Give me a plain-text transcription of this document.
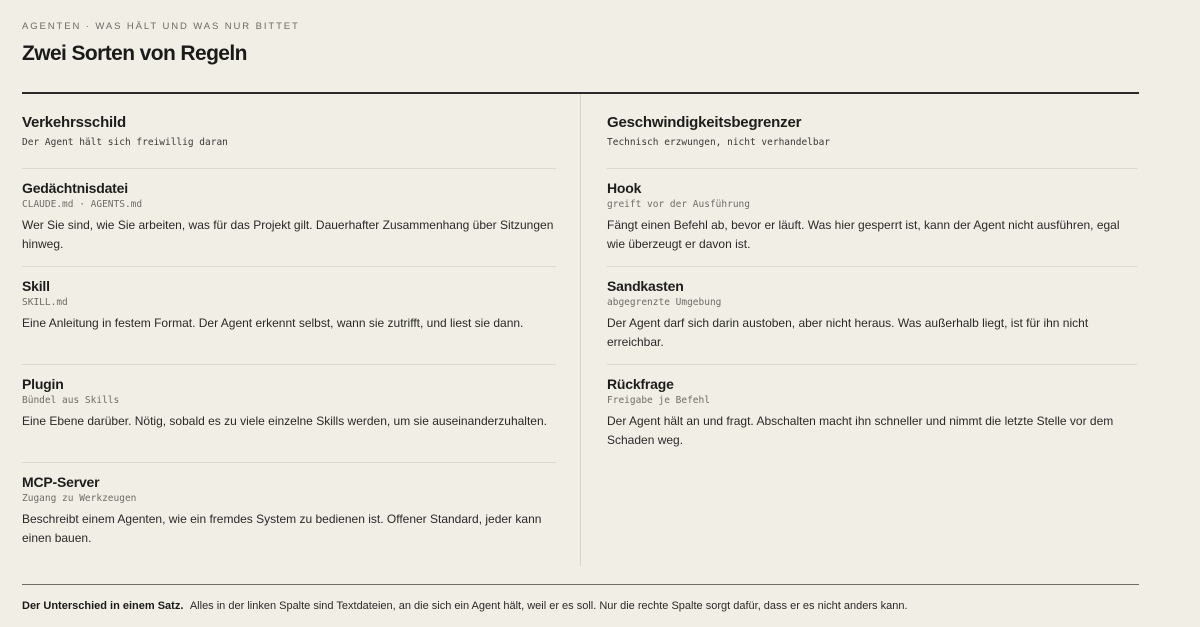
AGENTEN · WAS HÄLT UND WAS NUR BITTET
Zwei Sorten von Regeln
Verkehrsschild
Der Agent hält sich freiwillig daran
Gedächtnisdatei
CLAUDE.md · AGENTS.md
Wer Sie sind, wie Sie arbeiten, was für das Projekt gilt. Dauerhafter Zusammenhang über Sitzungen hinweg.
Skill
SKILL.md
Eine Anleitung in festem Format. Der Agent erkennt selbst, wann sie zutrifft, und liest sie dann.
Plugin
Bündel aus Skills
Eine Ebene darüber. Nötig, sobald es zu viele einzelne Skills werden, um sie auseinanderzuhalten.
MCP-Server
Zugang zu Werkzeugen
Beschreibt einem Agenten, wie ein fremdes System zu bedienen ist. Offener Standard, jeder kann einen bauen.
Geschwindigkeitsbegrenzer
Technisch erzwungen, nicht verhandelbar
Hook
greift vor der Ausführung
Fängt einen Befehl ab, bevor er läuft. Was hier gesperrt ist, kann der Agent nicht ausführen, egal wie überzeugt er davon ist.
Sandkasten
abgegrenzte Umgebung
Der Agent darf sich darin austoben, aber nicht heraus. Was außerhalb liegt, ist für ihn nicht erreichbar.
Rückfrage
Freigabe je Befehl
Der Agent hält an und fragt. Abschalten macht ihn schneller und nimmt die letzte Stelle vor dem Schaden weg.
Der Unterschied in einem Satz. Alles in der linken Spalte sind Textdateien, an die sich ein Agent hält, weil er es soll. Nur die rechte Spalte sorgt dafür, dass er es nicht anders kann.
